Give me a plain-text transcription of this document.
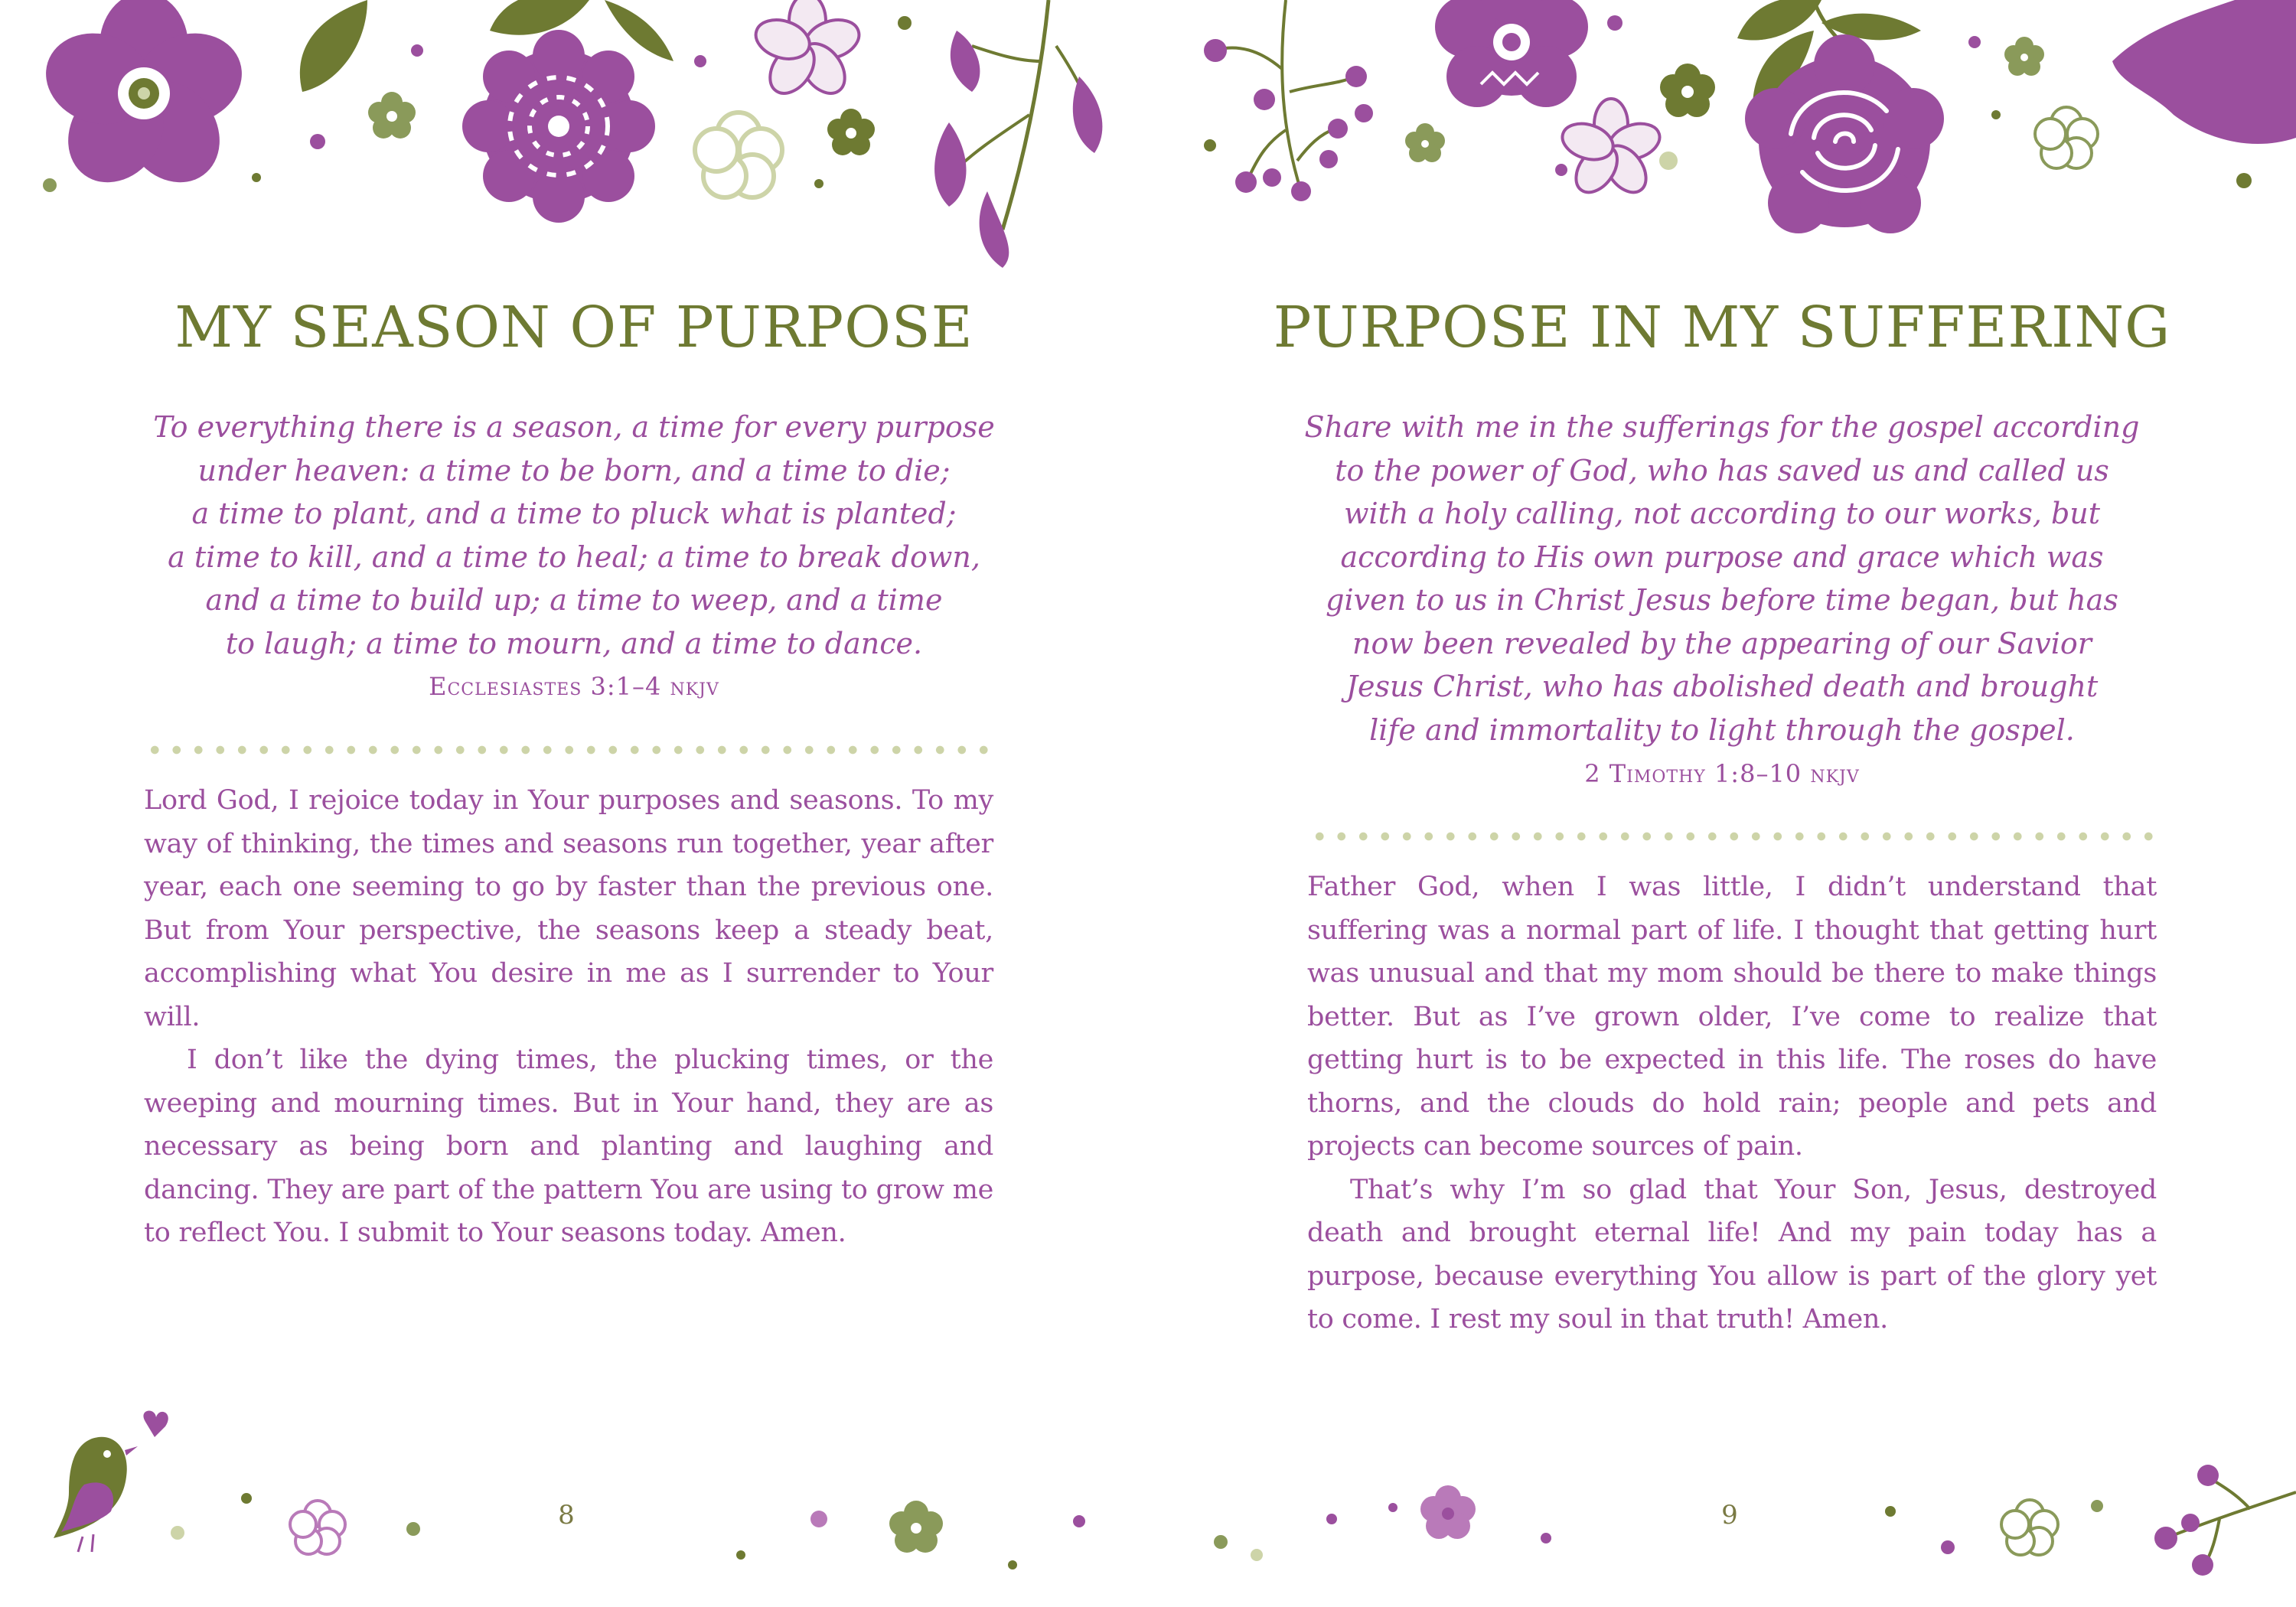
MY SEASON OF PURPOSE
To everything there is a season, a time for every purpose
under heaven: a time to be born, and a time to die;
a time to plant, and a time to pluck what is planted;
a time to kill, and a time to heal; a time to break down,
and a time to build up; a time to weep, and a time
to laugh; a time to mourn, and a time to dance.
Ecclesiastes 3:1–4 nkjv

Lord God, I rejoice today in Your purposes and seasons. To my way of thinking, the times and seasons run together, year after year, each one seeming to go by faster than the previous one. But from Your perspective, the seasons keep a steady beat, accomplishing what You desire in me as I surrender to Your will.

I don’t like the dying times, the plucking times, or the weeping and mourning times. But in Your hand, they are as necessary as being born and planting and laughing and dancing. They are part of the pattern You are using to grow me to reflect You. I submit to Your seasons today. Amen.

8
PURPOSE IN MY SUFFERING
Share with me in the sufferings for the gospel according
to the power of God, who has saved us and called us
with a holy calling, not according to our works, but
according to His own purpose and grace which was
given to us in Christ Jesus before time began, but has
now been revealed by the appearing of our Savior
Jesus Christ, who has abolished death and brought
life and immortality to light through the gospel.
2 Timothy 1:8–10 nkjv

Father God, when I was little, I didn’t understand that suffering was a normal part of life. I thought that getting hurt was unusual and that my mom should be there to make things better. But as I’ve grown older, I’ve come to realize that getting hurt is to be expected in this life. The roses do have thorns, and the clouds do hold rain; people and pets and projects can become sources of pain.

That’s why I’m so glad that Your Son, Jesus, destroyed death and brought eternal life! And my pain today has a purpose, because everything You allow is part of the glory yet to come. I rest my soul in that truth! Amen.

9
